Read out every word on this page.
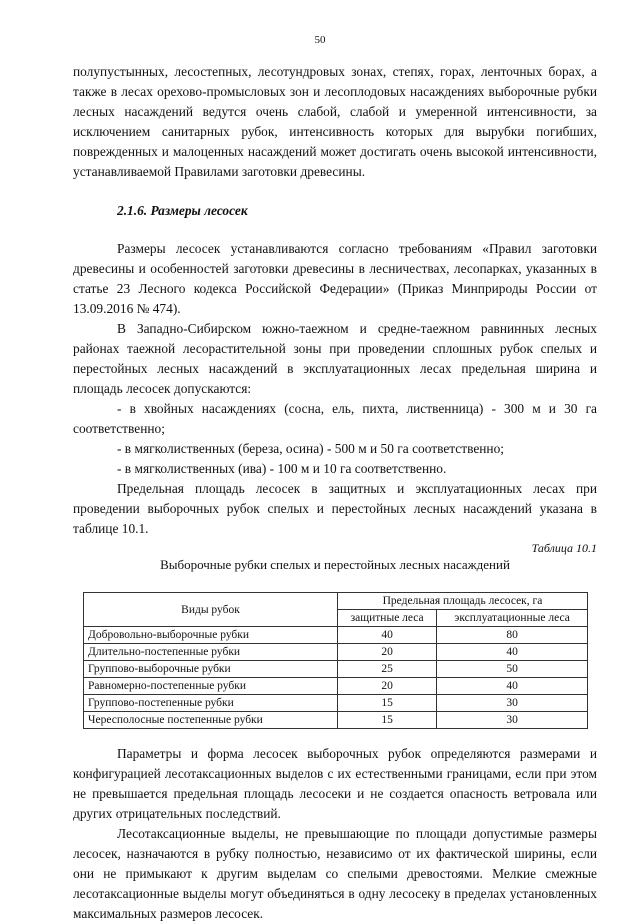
50

полупустынных, лесостепных, лесотундровых зонах, степях, горах, ленточных борах, а также в лесах орехово-промысловых зон и лесоплодовых насаждениях выборочные рубки лесных насаждений ведутся очень слабой, слабой и умеренной интенсивности, за исключением санитарных рубок, интенсивность которых для вырубки погибших, поврежденных и малоценных насаждений может достигать очень высокой интенсивности, устанавливаемой Правилами заготовки древесины.

2.1.6. Размеры лесосек

Размеры лесосек устанавливаются согласно требованиям «Правил заготовки древесины и особенностей заготовки древесины в лесничествах, лесопарках, указанных в статье 23 Лесного кодекса Российской Федерации» (Приказ Минприроды России от 13.09.2016 № 474).

В Западно-Сибирском южно-таежном и средне-таежном равнинных лесных районах таежной лесорастительной зоны при проведении сплошных рубок спелых и перестойных лесных насаждений в эксплуатационных лесах предельная ширина и площадь лесосек допускаются:

- в хвойных насаждениях (сосна, ель, пихта, лиственница) - 300 м и 30 га соответственно;

- в мягколиственных (береза, осина) - 500 м и 50 га соответственно;

- в мягколиственных (ива) - 100 м и 10 га соответственно.

Предельная площадь лесосек в защитных и эксплуатационных лесах при проведении выборочных рубок спелых и перестойных лесных насаждений указана в таблице 10.1.

Таблица 10.1

Выборочные рубки спелых и перестойных лесных насаждений

Виды рубок	Предельная площадь лесосек, га	
	защитные леса	эксплуатационные леса
Добровольно-выборочные рубки	40	80
Длительно-постепенные рубки	20	40
Группово-выборочные рубки	25	50
Равномерно-постепенные рубки	20	40
Группово-постепенные рубки	15	30
Чересполосные постепенные рубки	15	30

Параметры и форма лесосек выборочных рубок определяются размерами и конфигурацией лесотаксационных выделов с их естественными границами, если при этом не превышается предельная площадь лесосеки и не создается опасность ветровала или других отрицательных последствий.

Лесотаксационные выделы, не превышающие по площади допустимые размеры лесосек, назначаются в рубку полностью, независимо от их фактической ширины, если они не примыкают к другим выделам со спелыми древостоями. Мелкие смежные лесотаксационные выделы могут объединяться в одну лесосеку в пределах установленных максимальных размеров лесосек.
